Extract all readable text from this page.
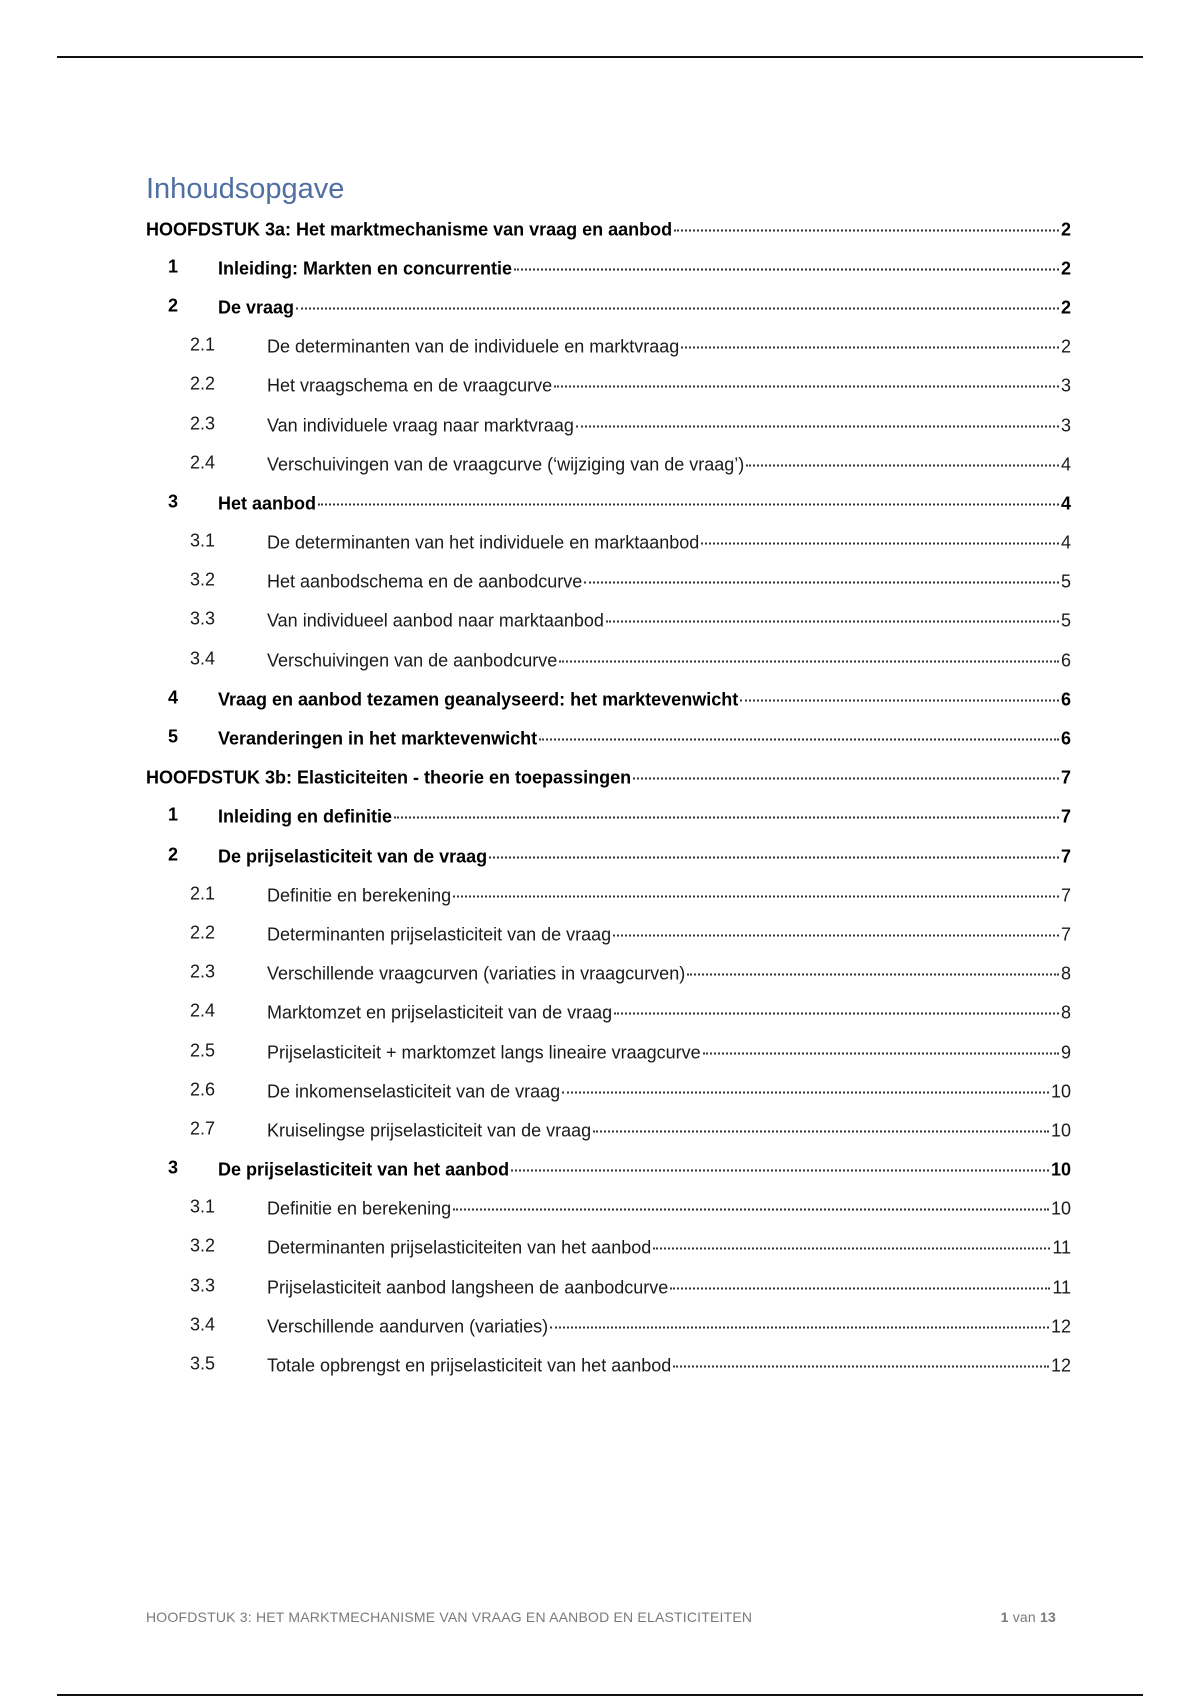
Inhoudsopgave
HOOFDSTUK 3a: Het marktmechanisme van vraag en aanbod	2
1 Inleiding: Markten en concurrentie	2
2 De vraag	2
2.1	De determinanten van de individuele en marktvraag	2
2.2	Het vraagschema en de vraagcurve	3
2.3	Van individuele vraag naar marktvraag	3
2.4	Verschuivingen van de vraagcurve (‘wijziging van de vraag’)	4
3 Het aanbod	4
3.1	De determinanten van het individuele en marktaanbod	4
3.2	Het aanbodschema en de aanbodcurve	5
3.3	Van individueel aanbod naar marktaanbod	5
3.4	Verschuivingen van de aanbodcurve	6
4 Vraag en aanbod tezamen geanalyseerd: het marktevenwicht	6
5 Veranderingen in het marktevenwicht	6
HOOFDSTUK 3b: Elasticiteiten - theorie en toepassingen	7
1 Inleiding en definitie	7
2 De prijselasticiteit van de vraag	7
2.1	Definitie en berekening	7
2.2	Determinanten prijselasticiteit van de vraag	7
2.3	Verschillende vraagcurven (variaties in vraagcurven)	8
2.4	Marktomzet en prijselasticiteit van de vraag	8
2.5	Prijselasticiteit + marktomzet langs lineaire vraagcurve	9
2.6	De inkomenselasticiteit van de vraag	10
2.7	Kruiselingse prijselasticiteit van de vraag	10
3 De prijselasticiteit van het aanbod	10
3.1	Definitie en berekening	10
3.2	Determinanten prijselasticiteiten van het aanbod	11
3.3	Prijselasticiteit aanbod langsheen de aanbodcurve	11
3.4	Verschillende aandurven (variaties)	12
3.5	Totale opbrengst en prijselasticiteit van het aanbod	12
HOOFDSTUK 3: HET MARKTMECHANISME VAN VRAAG EN AANBOD EN ELASTICITEITEN	1 van 13
